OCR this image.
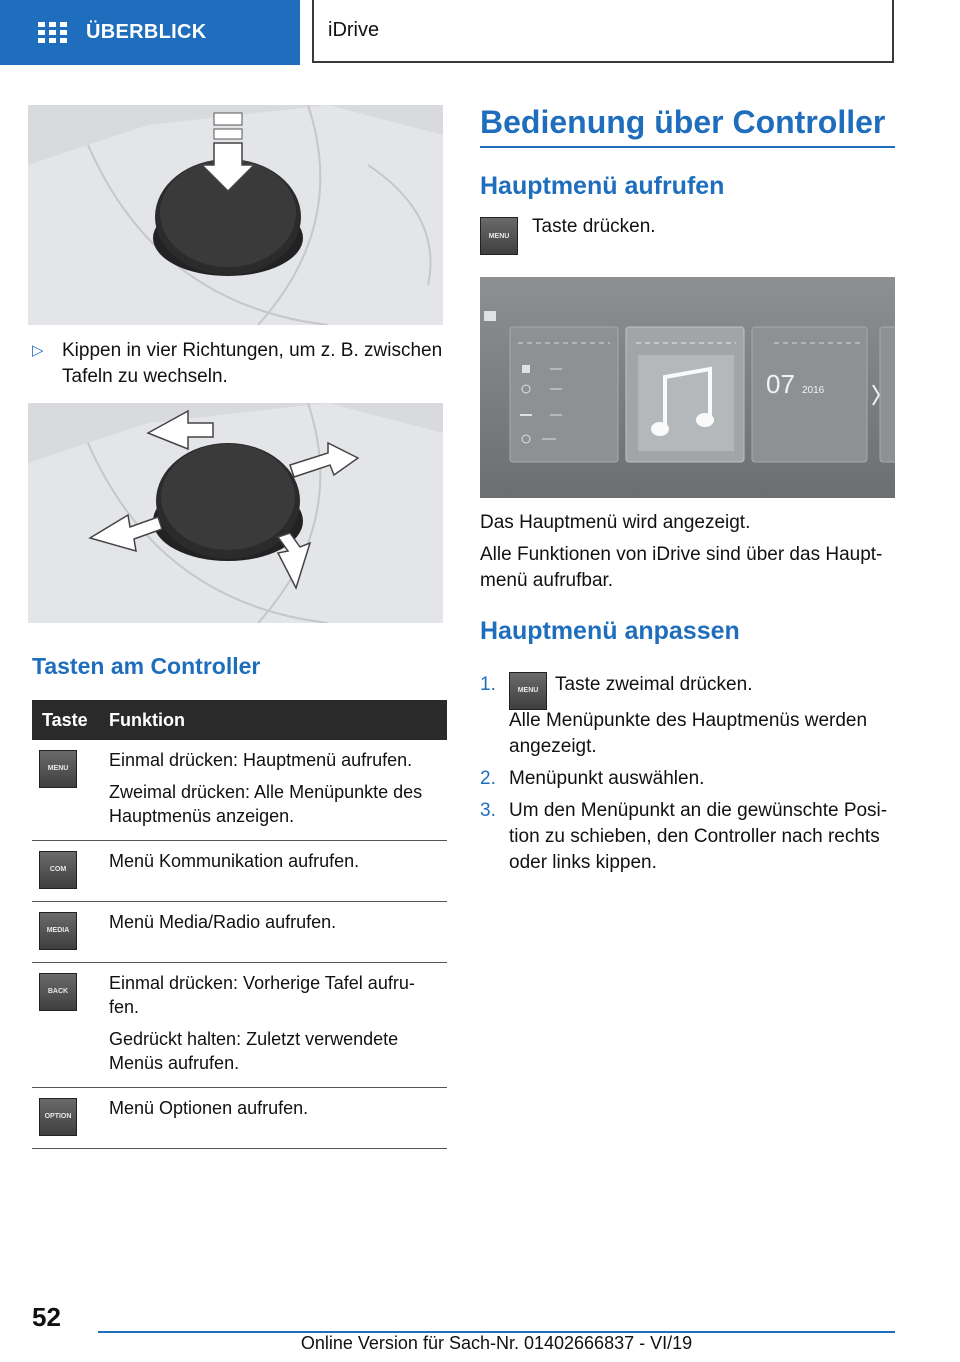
ÜBERBLICK	iDrive
▷ Kippen in vier Richtungen, um z. B. zwischen Tafeln zu wechseln.
Tasten am Controller
Taste	Funktion

MENU	Einmal drücken: Hauptmenü aufrufen.

Zweimal drücken: Alle Menüpunkte des Hauptmenüs anzeigen.

COM	Menü Kommunikation aufrufen.

MEDIA	Menü Media/Radio aufrufen.

BACK	Einmal drücken: Vorherige Tafel aufru- fen.

Gedrückt halten: Zuletzt verwendete Menüs aufrufen.

OPTION	Menü Optionen aufrufen.

Bedienung über Controller
Hauptmenü aufrufen
MENU	Taste drücken.
07 2016
Das Hauptmenü wird angezeigt.
Alle Funktionen von iDrive sind über das Haupt- menü aufrufbar.
Hauptmenü anpassen
1.	MENU Taste zweimal drücken.

Alle Menüpunkte des Hauptmenüs werden angezeigt.

2. Menüpunkt auswählen.

3. Um den Menüpunkt an die gewünschte Posi- tion zu schieben, den Controller nach rechts oder links kippen.

52
Online Version für Sach-Nr. 01402666837 - VI/19
